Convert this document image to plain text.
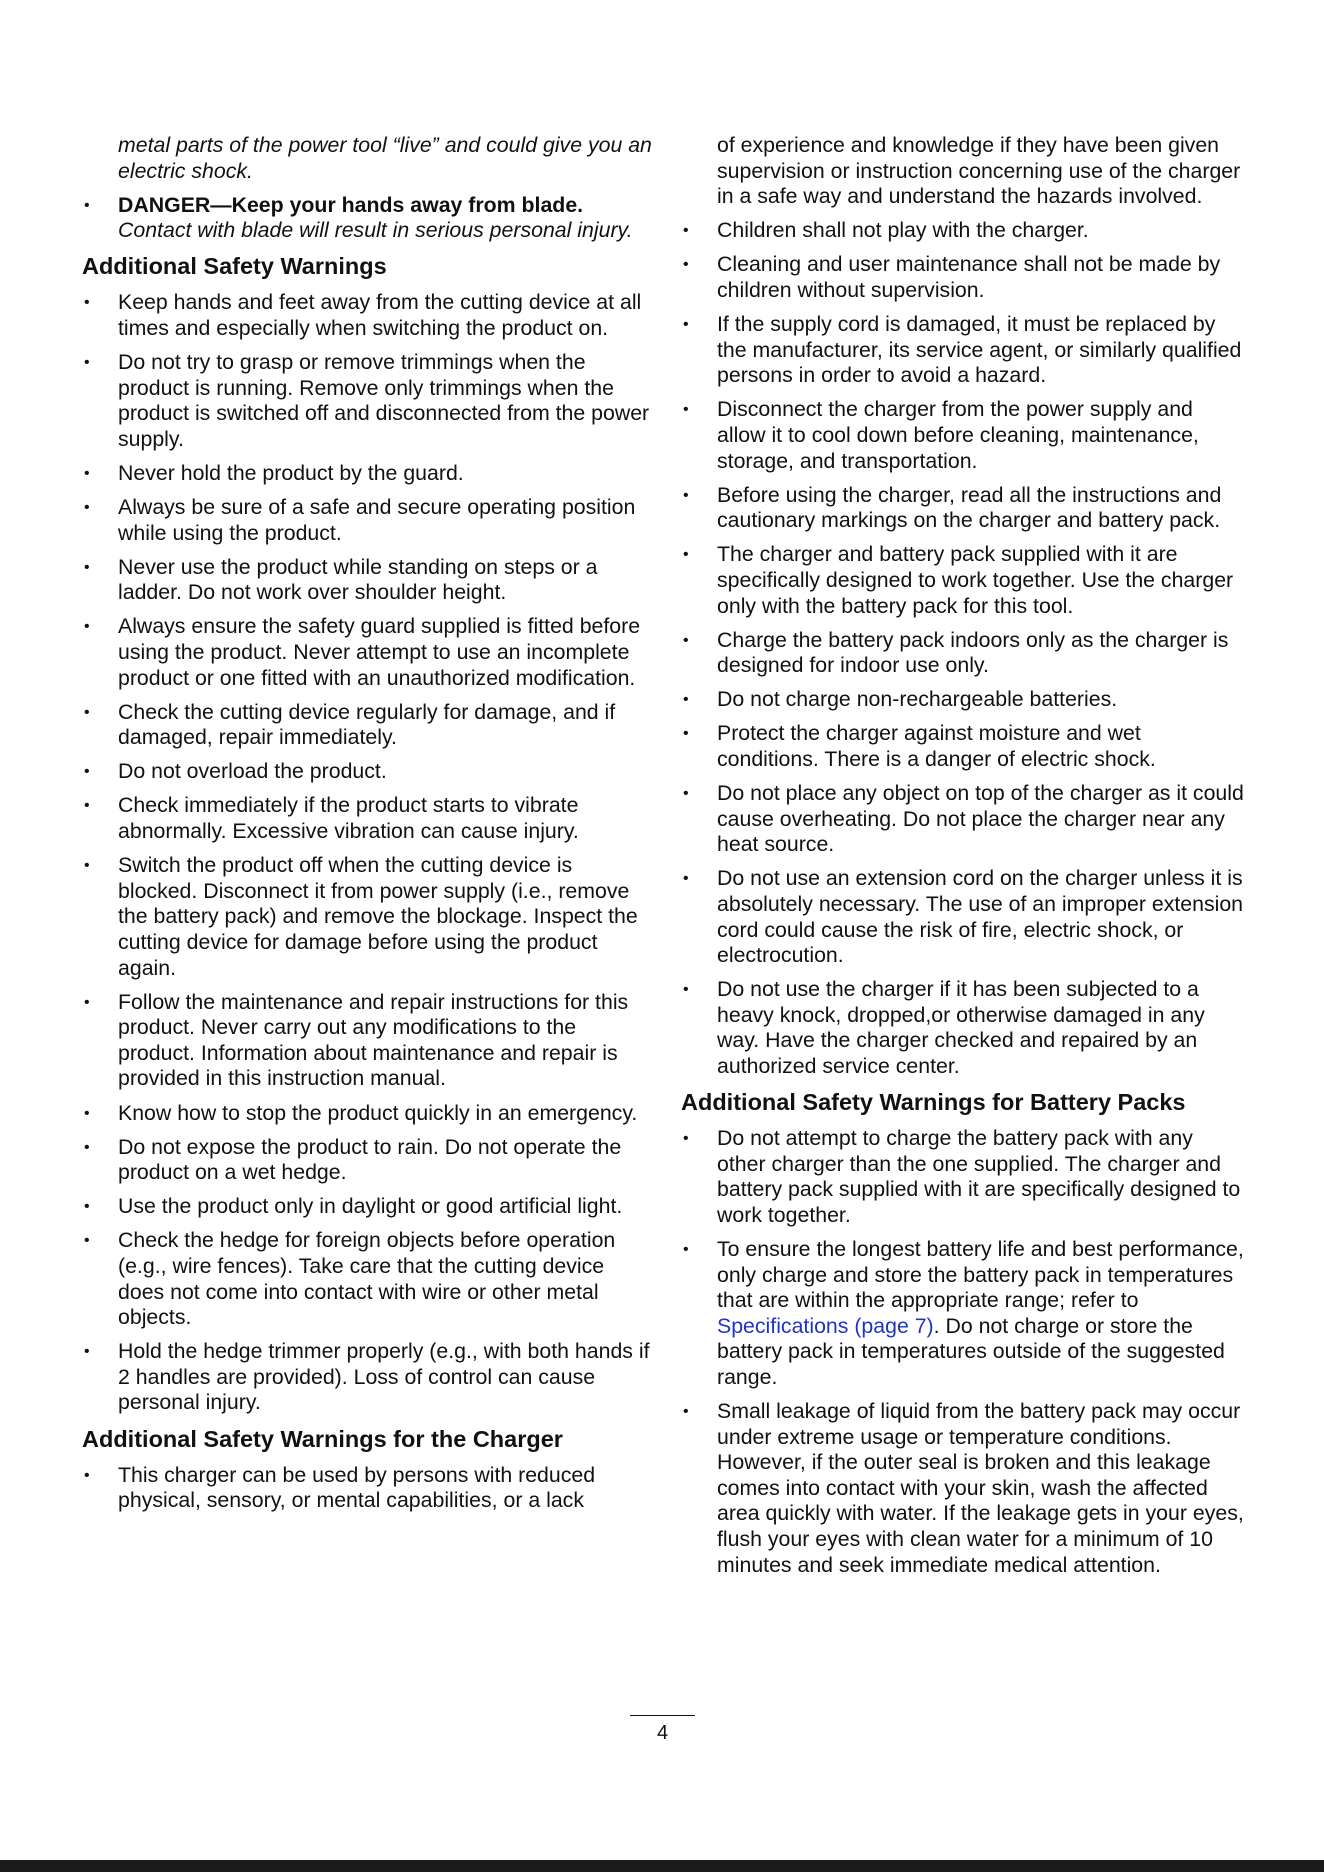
metal parts of the power tool “live” and could give you an electric shock.
• DANGER—Keep your hands away from blade. Contact with blade will result in serious personal injury.
Additional Safety Warnings
• Keep hands and feet away from the cutting device at all times and especially when switching the product on.
• Do not try to grasp or remove trimmings when the product is running. Remove only trimmings when the product is switched off and disconnected from the power supply.
• Never hold the product by the guard.
• Always be sure of a safe and secure operating position while using the product.
• Never use the product while standing on steps or a ladder. Do not work over shoulder height.
• Always ensure the safety guard supplied is fitted before using the product. Never attempt to use an incomplete product or one fitted with an unauthorized modification.
• Check the cutting device regularly for damage, and if damaged, repair immediately.
• Do not overload the product.
• Check immediately if the product starts to vibrate abnormally. Excessive vibration can cause injury.
• Switch the product off when the cutting device is blocked. Disconnect it from power supply (i.e., remove the battery pack) and remove the blockage. Inspect the cutting device for damage before using the product again.
• Follow the maintenance and repair instructions for this product. Never carry out any modifications to the product. Information about maintenance and repair is provided in this instruction manual.
• Know how to stop the product quickly in an emergency.
• Do not expose the product to rain. Do not operate the product on a wet hedge.
• Use the product only in daylight or good artificial light.
• Check the hedge for foreign objects before operation (e.g., wire fences). Take care that the cutting device does not come into contact with wire or other metal objects.
• Hold the hedge trimmer properly (e.g., with both hands if 2 handles are provided). Loss of control can cause personal injury.
Additional Safety Warnings for the Charger
• This charger can be used by persons with reduced physical, sensory, or mental capabilities, or a lack
of experience and knowledge if they have been given supervision or instruction concerning use of the charger in a safe way and understand the hazards involved.
• Children shall not play with the charger.
• Cleaning and user maintenance shall not be made by children without supervision.
• If the supply cord is damaged, it must be replaced by the manufacturer, its service agent, or similarly qualified persons in order to avoid a hazard.
• Disconnect the charger from the power supply and allow it to cool down before cleaning, maintenance, storage, and transportation.
• Before using the charger, read all the instructions and cautionary markings on the charger and battery pack.
• The charger and battery pack supplied with it are specifically designed to work together. Use the charger only with the battery pack for this tool.
• Charge the battery pack indoors only as the charger is designed for indoor use only.
• Do not charge non-rechargeable batteries.
• Protect the charger against moisture and wet conditions. There is a danger of electric shock.
• Do not place any object on top of the charger as it could cause overheating. Do not place the charger near any heat source.
• Do not use an extension cord on the charger unless it is absolutely necessary. The use of an improper extension cord could cause the risk of fire, electric shock, or electrocution.
• Do not use the charger if it has been subjected to a heavy knock, dropped,or otherwise damaged in any way. Have the charger checked and repaired by an authorized service center.
Additional Safety Warnings for Battery Packs
• Do not attempt to charge the battery pack with any other charger than the one supplied. The charger and battery pack supplied with it are specifically designed to work together.
• To ensure the longest battery life and best performance, only charge and store the battery pack in temperatures that are within the appropriate range; refer to Specifications (page 7). Do not charge or store the battery pack in temperatures outside of the suggested range.
• Small leakage of liquid from the battery pack may occur under extreme usage or temperature conditions. However, if the outer seal is broken and this leakage comes into contact with your skin, wash the affected area quickly with water. If the leakage gets in your eyes, flush your eyes with clean water for a minimum of 10 minutes and seek immediate medical attention.
4
